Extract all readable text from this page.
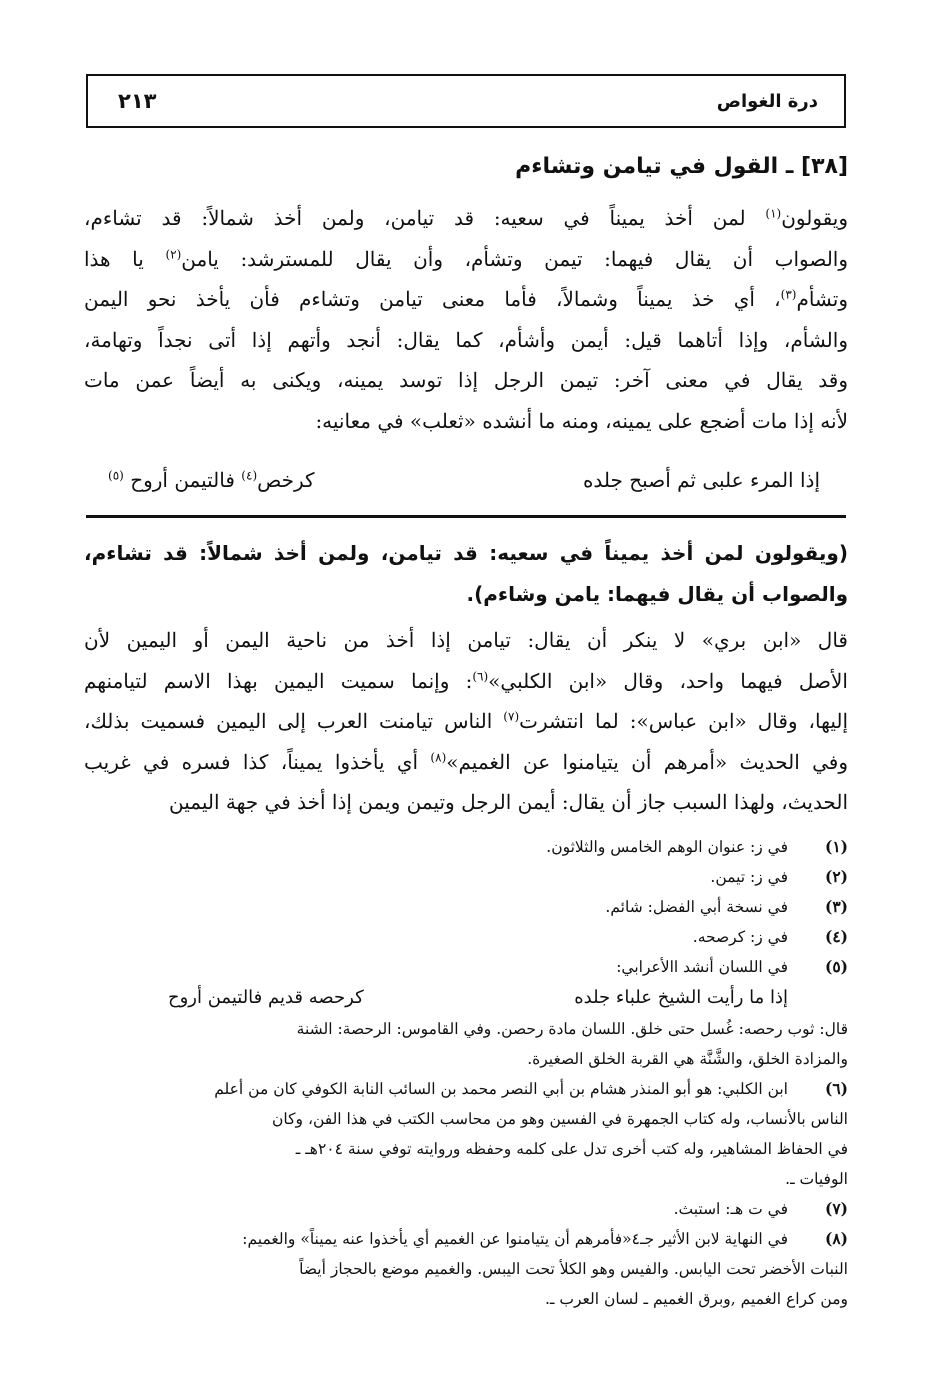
درة الغواص
٢١٣
[٣٨] ـ القول في تيامن وتشاءم
ويقولون$^{(١)}$ لمن أخذ يميناً في سعيه: قد تيامن، ولمن أخذ شمالاً: قد تشاءم،
والصواب أن يقال فيهما: تيمن وتشأم، وأن يقال للمسترشد: يامن$^{(٢)}$ يا هذا
وتشأم$^{(٣)}$، أي خذ يميناً وشمالاً، فأما معنى تيامن وتشاءم فأن يأخذ نحو اليمن
والشأم، وإذا أتاهما قيل: أيمن وأشأم، كما يقال: أنجد وأتهم إذا أتى نجداً وتهامة،
وقد يقال في معنى آخر: تيمن الرجل إذا توسد يمينه، ويكنى به أيضاً عمن مات
لأنه إذا مات أضجع على يمينه، ومنه ما أنشده «ثعلب» في معانيه:
إذا المرء علبى ثم أصبح جلده
كرخص$^{(٤)}$ فالتيمن أروح $^{(٥)}$
(ويقولون لمن أخذ يميناً في سعيه: قد تيامن، ولمن أخذ شمالاً: قد تشاءم،
والصواب أن يقال فيهما: يامن وشاءم).
قال «ابن بري» لا ينكر أن يقال: تيامن إذا أخذ من ناحية اليمن أو اليمين لأن
الأصل فيهما واحد، وقال «ابن الكلبي»$^{(٦)}$: وإنما سميت اليمين بهذا الاسم لتيامنهم
إليها، وقال «ابن عباس»: لما انتشرت$^{(٧)}$ الناس تيامنت العرب إلى اليمين فسميت بذلك،
وفي الحديث «أمرهم أن يتيامنوا عن الغميم»$^{(٨)}$ أي يأخذوا يميناً، كذا فسره في غريب
الحديث، ولهذا السبب جاز أن يقال: أيمن الرجل وتيمن ويمن إذا أخذ في جهة اليمين
(١)
في ز: عنوان الوهم الخامس والثلاثون.
(٢)
في ز: تيمن.
(٣)
في نسخة أبي الفضل: شائم.
(٤)
في ز: كرصحه.
(٥)
في اللسان أنشد االأعرابي:
إذا ما رأيت الشيخ علباء جلده
كرحصه قديم فالتيمن أروح
قال: ثوب رحصه: غُسل حتى خلق. اللسان مادة رحصن. وفي القاموس: الرحصة: الشنة
والمزادة الخلق، والشَّنَّة هي القربة الخلق الصغيرة.
(٦)
ابن الكلبي: هو أبو المنذر هشام بن أبي النصر محمد بن السائب النابة الكوفي كان من أعلم
الناس بالأنساب، وله كتاب الجمهرة في الفسين وهو من محاسب الكتب في هذا الفن، وكان
في الحفاظ المشاهير، وله كتب أخرى تدل على كلمه وحفظه وروايته توفي سنة ٢٠٤هـ ـ
الوفيات ـ.
(٧)
في ت هـ: استبث.
(٨)
في النهاية لابن الأثير جـ٤«فأمرهم أن يتيامنوا عن الغميم أي يأخذوا عنه يميناً» والغميم:
النبات الأخضر تحت اليابس. والفيس وهو الكلأ تحت اليبس. والغميم موضع بالحجاز أيضاً
ومن كراع الغميم ,وبرق الغميم ـ لسان العرب ـ.
